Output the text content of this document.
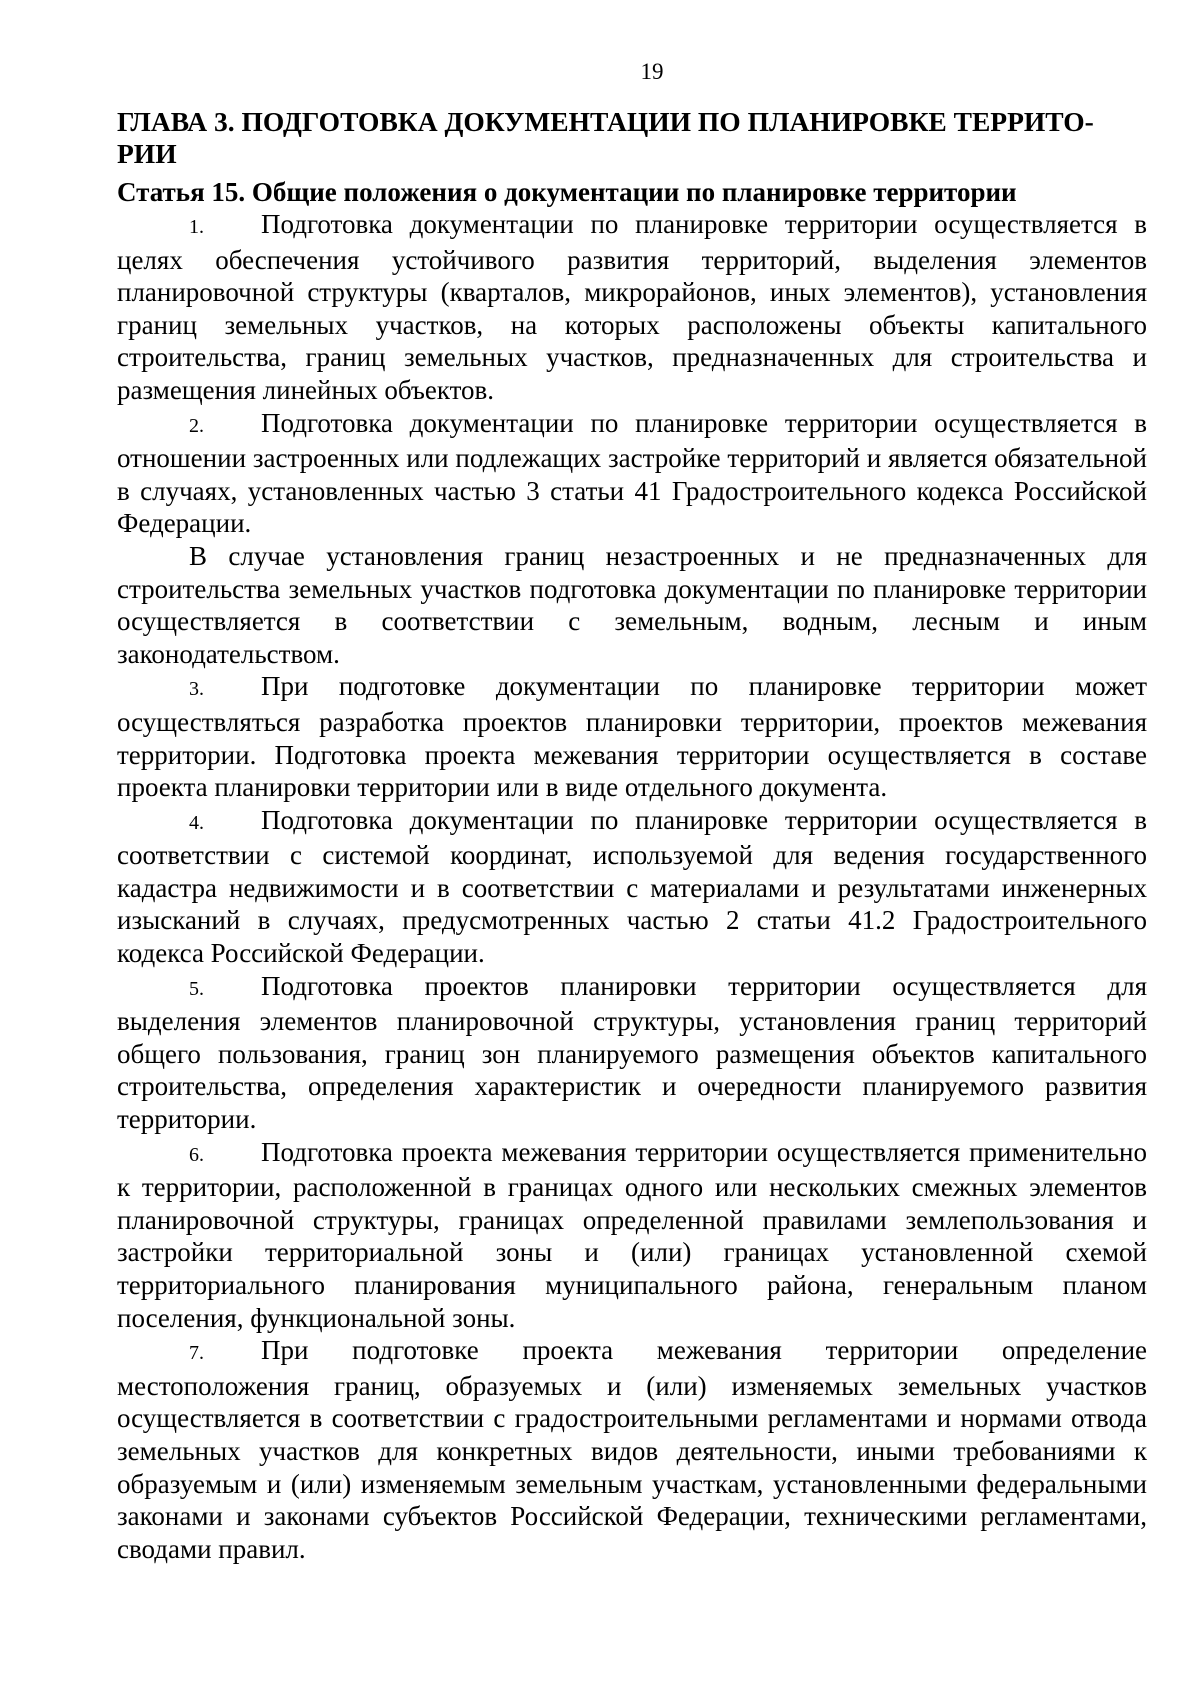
19
ГЛАВА 3. ПОДГОТОВКА ДОКУМЕНТАЦИИ ПО ПЛАНИРОВКЕ ТЕРРИТО-РИИ
Статья 15. Общие положения о документации по планировке территории

1. Подготовка документации по планировке территории осуществляется в целях обеспечения устойчивого развития территорий, выделения элементов планировочной структуры (кварталов, микрорайонов, иных элементов), установления границ земельных участков, на которых расположены объекты капитального строительства, границ земельных участков, предназначенных для строительства и размещения линейных объектов.

2. Подготовка документации по планировке территории осуществляется в отношении застроенных или подлежащих застройке территорий и является обязательной в случаях, установленных частью 3 статьи 41 Градостроительного кодекса Российской Федерации.

В случае установления границ незастроенных и не предназначенных для строительства земельных участков подготовка документации по планировке территории осуществляется в соответствии с земельным, водным, лесным и иным законодательством.

3. При подготовке документации по планировке территории может осуществляться разработка проектов планировки территории, проектов межевания территории. Подготовка проекта межевания территории осуществляется в составе проекта планировки территории или в виде отдельного документа.

4. Подготовка документации по планировке территории осуществляется в соответствии с системой координат, используемой для ведения государственного кадастра недвижимости и в соответствии с материалами и результатами инженерных изысканий в случаях, предусмотренных частью 2 статьи 41.2 Градостроительного кодекса Российской Федерации.

5. Подготовка проектов планировки территории осуществляется для выделения элементов планировочной структуры, установления границ территорий общего пользования, границ зон планируемого размещения объектов капитального строительства, определения характеристик и очередности планируемого развития территории.

6. Подготовка проекта межевания территории осуществляется применительно к территории, расположенной в границах одного или нескольких смежных элементов планировочной структуры, границах определенной правилами землепользования и застройки территориальной зоны и (или) границах установленной схемой территориального планирования муниципального района, генеральным планом поселения, функциональной зоны.

7. При подготовке проекта межевания территории определение местоположения границ, образуемых и (или) изменяемых земельных участков осуществляется в соответствии с градостроительными регламентами и нормами отвода земельных участков для конкретных видов деятельности, иными требованиями к образуемым и (или) изменяемым земельным участкам, установленными федеральными законами и законами субъектов Российской Федерации, техническими регламентами, сводами правил.
